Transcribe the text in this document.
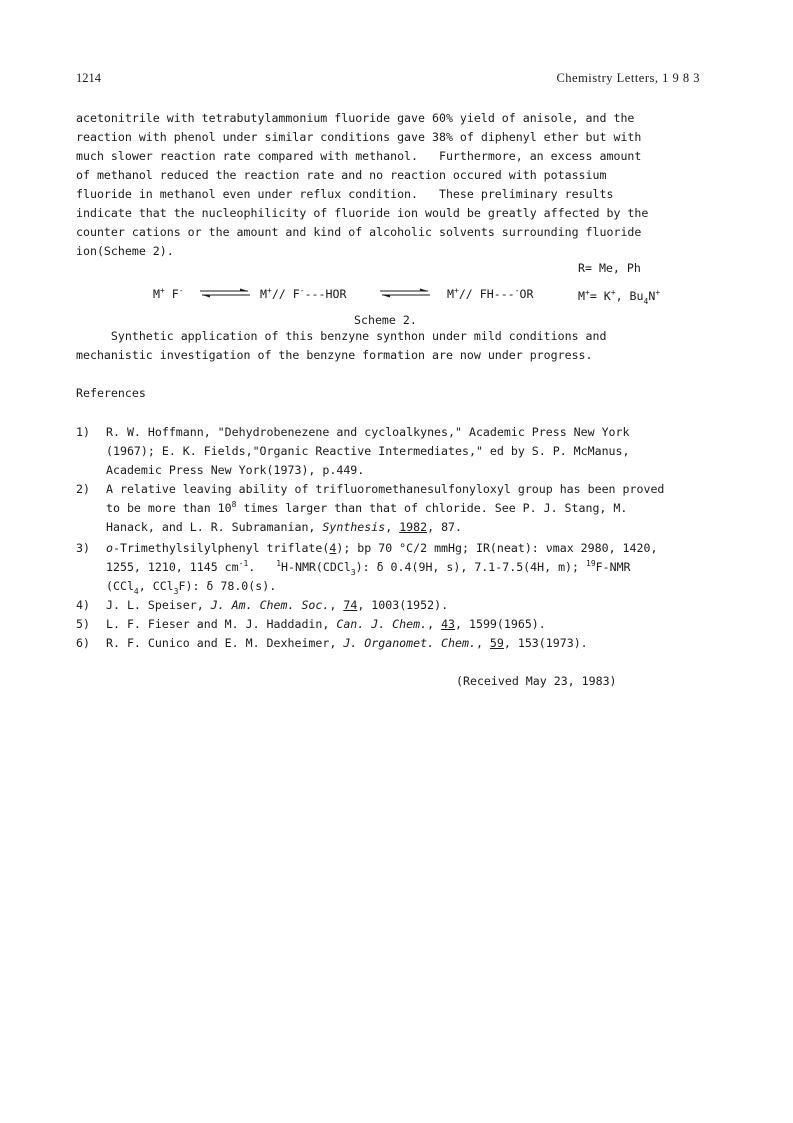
1214	Chemistry Letters, 1 9 8 3
acetonitrile with tetrabutylammonium fluoride gave 60% yield of anisole, and the
reaction with phenol under similar conditions gave 38% of diphenyl ether but with
much slower reaction rate compared with methanol.   Furthermore, an excess amount
of methanol reduced the reaction rate and no reaction occured with potassium
fluoride in methanol even under reflux condition.   These preliminary results
indicate that the nucleophilicity of fluoride ion would be greatly affected by the
counter cations or the amount and kind of alcoholic solvents surrounding fluoride
ion(Scheme 2).
R= Me, Ph
M+ F- ⇌ M+// F----HOR	M+// FH----OR	M+= K+, $Bu_4N^+$
Scheme 2.
Synthetic application of this benzyne synthon under mild conditions and
mechanistic investigation of the benzyne formation are now under progress.
References
1) R. W. Hoffmann, "Dehydrobenezene and cycloalkynes," Academic Press New York
(1967); E. K. Fields,"Organic Reactive Intermediates," ed by S. P. McManus,
Academic Press New York(1973), p.449.
2) A relative leaving ability of trifluoromethanesulfonyloxyl group has been proved
to be more than $10^8$ times larger than that of chloride. See P. J. Stang, M.
Hanack, and L. R. Subramanian, Synthesis, 1982, 87.
3) o-Trimethylsilylphenyl triflate(4); bp 70 °C/2 mmHg; IR(neat): νmax 2980, 1420,
1255, 1210, 1145 $cm^{-1}$.   $^1$H-NMR(CDCl$_3$): δ 0.4(9H, s), 7.1-7.5(4H, m); $^{19}$F-NMR
(CCl$_4$, CCl$_3$F): δ 78.0(s).
4) J. L. Speiser, J. Am. Chem. Soc., 74, 1003(1952).
5) L. F. Fieser and M. J. Haddadin, Can. J. Chem., 43, 1599(1965).
6) R. F. Cunico and E. M. Dexheimer, J. Organomet. Chem., 59, 153(1973).
(Received May 23, 1983)
